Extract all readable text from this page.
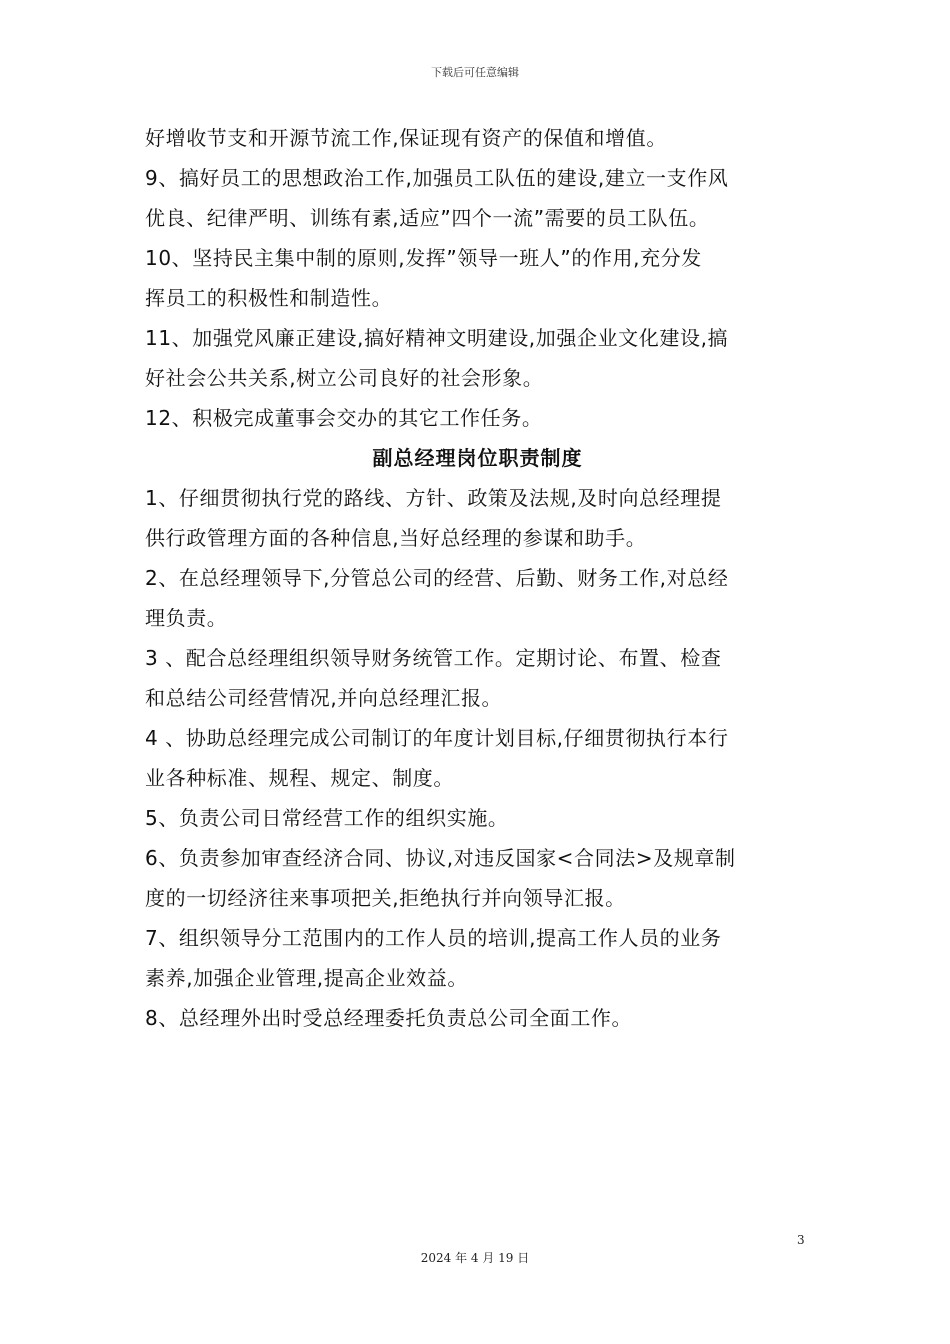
下载后可任意编辑
好增收节支和开源节流工作,保证现有资产的保值和增值。
9、搞好员工的思想政治工作,加强员工队伍的建设,建立一支作风
优良、纪律严明、训练有素,适应”四个一流”需要的员工队伍。
10、坚持民主集中制的原则,发挥”领导一班人”的作用,充分发
挥员工的积极性和制造性。
11、加强党风廉正建设,搞好精神文明建设,加强企业文化建设,搞
好社会公共关系,树立公司良好的社会形象。
12、积极完成董事会交办的其它工作任务。
副总经理岗位职责制度
1、仔细贯彻执行党的路线、方针、政策及法规,及时向总经理提
供行政管理方面的各种信息,当好总经理的参谋和助手。
2、在总经理领导下,分管总公司的经营、后勤、财务工作,对总经
理负责。
3 、配合总经理组织领导财务统管工作。定期讨论、布置、检查
和总结公司经营情况,并向总经理汇报。
4 、协助总经理完成公司制订的年度计划目标,仔细贯彻执行本行
业各种标准、规程、规定、制度。
5、负责公司日常经营工作的组织实施。
6、负责参加审查经济合同、协议,对违反国家<合同法>及规章制
度的一切经济往来事项把关,拒绝执行并向领导汇报。
7、组织领导分工范围内的工作人员的培训,提高工作人员的业务
素养,加强企业管理,提高企业效益。
8、总经理外出时受总经理委托负责总公司全面工作。
3
2024 年 4 月 19 日
